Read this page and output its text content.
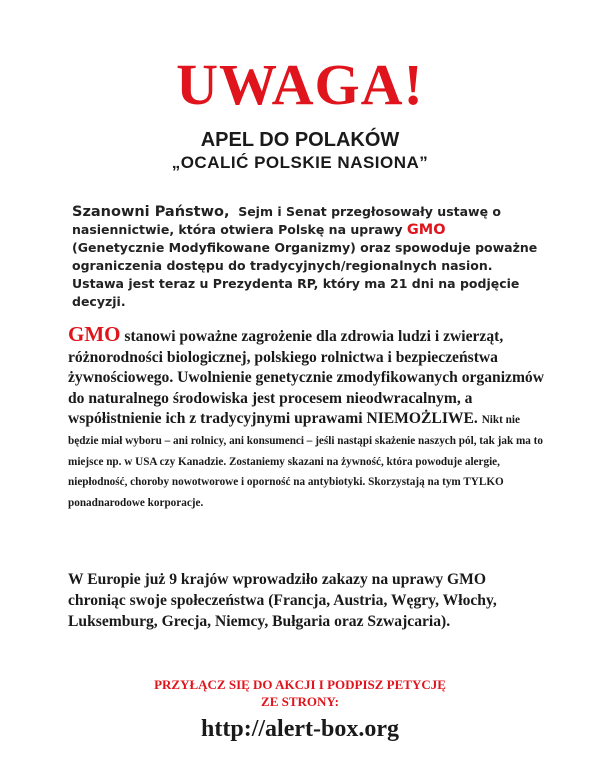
UWAGA!
APEL DO POLAKÓW
„OCALIĆ POLSKIE NASIONA”
Szanowni Państwo, Sejm i Senat przegłosowały ustawę o nasiennictwie, która otwiera Polskę na uprawy GMO (Genetycznie Modyfikowane Organizmy) oraz spowoduje poważne ograniczenia dostępu do tradycyjnych/regionalnych nasion. Ustawa jest teraz u Prezydenta RP, który ma 21 dni na podjęcie decyzji.
GMO stanowi poważne zagrożenie dla zdrowia ludzi i zwierząt, różnorodności biologicznej, polskiego rolnictwa i bezpieczeństwa żywnościowego. Uwolnienie genetycznie zmodyfikowanych organizmów do naturalnego środowiska jest procesem nieodwracalnym, a współistnienie ich z tradycyjnymi uprawami NIEMOŻLIWE. Nikt nie będzie miał wyboru – ani rolnicy, ani konsumenci – jeśli nastąpi skażenie naszych pól, tak jak ma to miejsce np. w USA czy Kanadzie. Zostaniemy skazani na żywność, która powoduje alergie, niepłodność, choroby nowotworowe i oporność na antybiotyki. Skorzystają na tym TYLKO ponadnarodowe korporacje.
W Europie już 9 krajów wprowadziło zakazy na uprawy GMO chroniąc swoje społeczeństwa (Francja, Austria, Węgry, Włochy, Luksemburg, Grecja, Niemcy, Bułgaria oraz Szwajcaria).
PRZYŁĄCZ SIĘ DO AKCJI I PODPISZ PETYCJĘ
ZE STRONY:
http://alert-box.org
